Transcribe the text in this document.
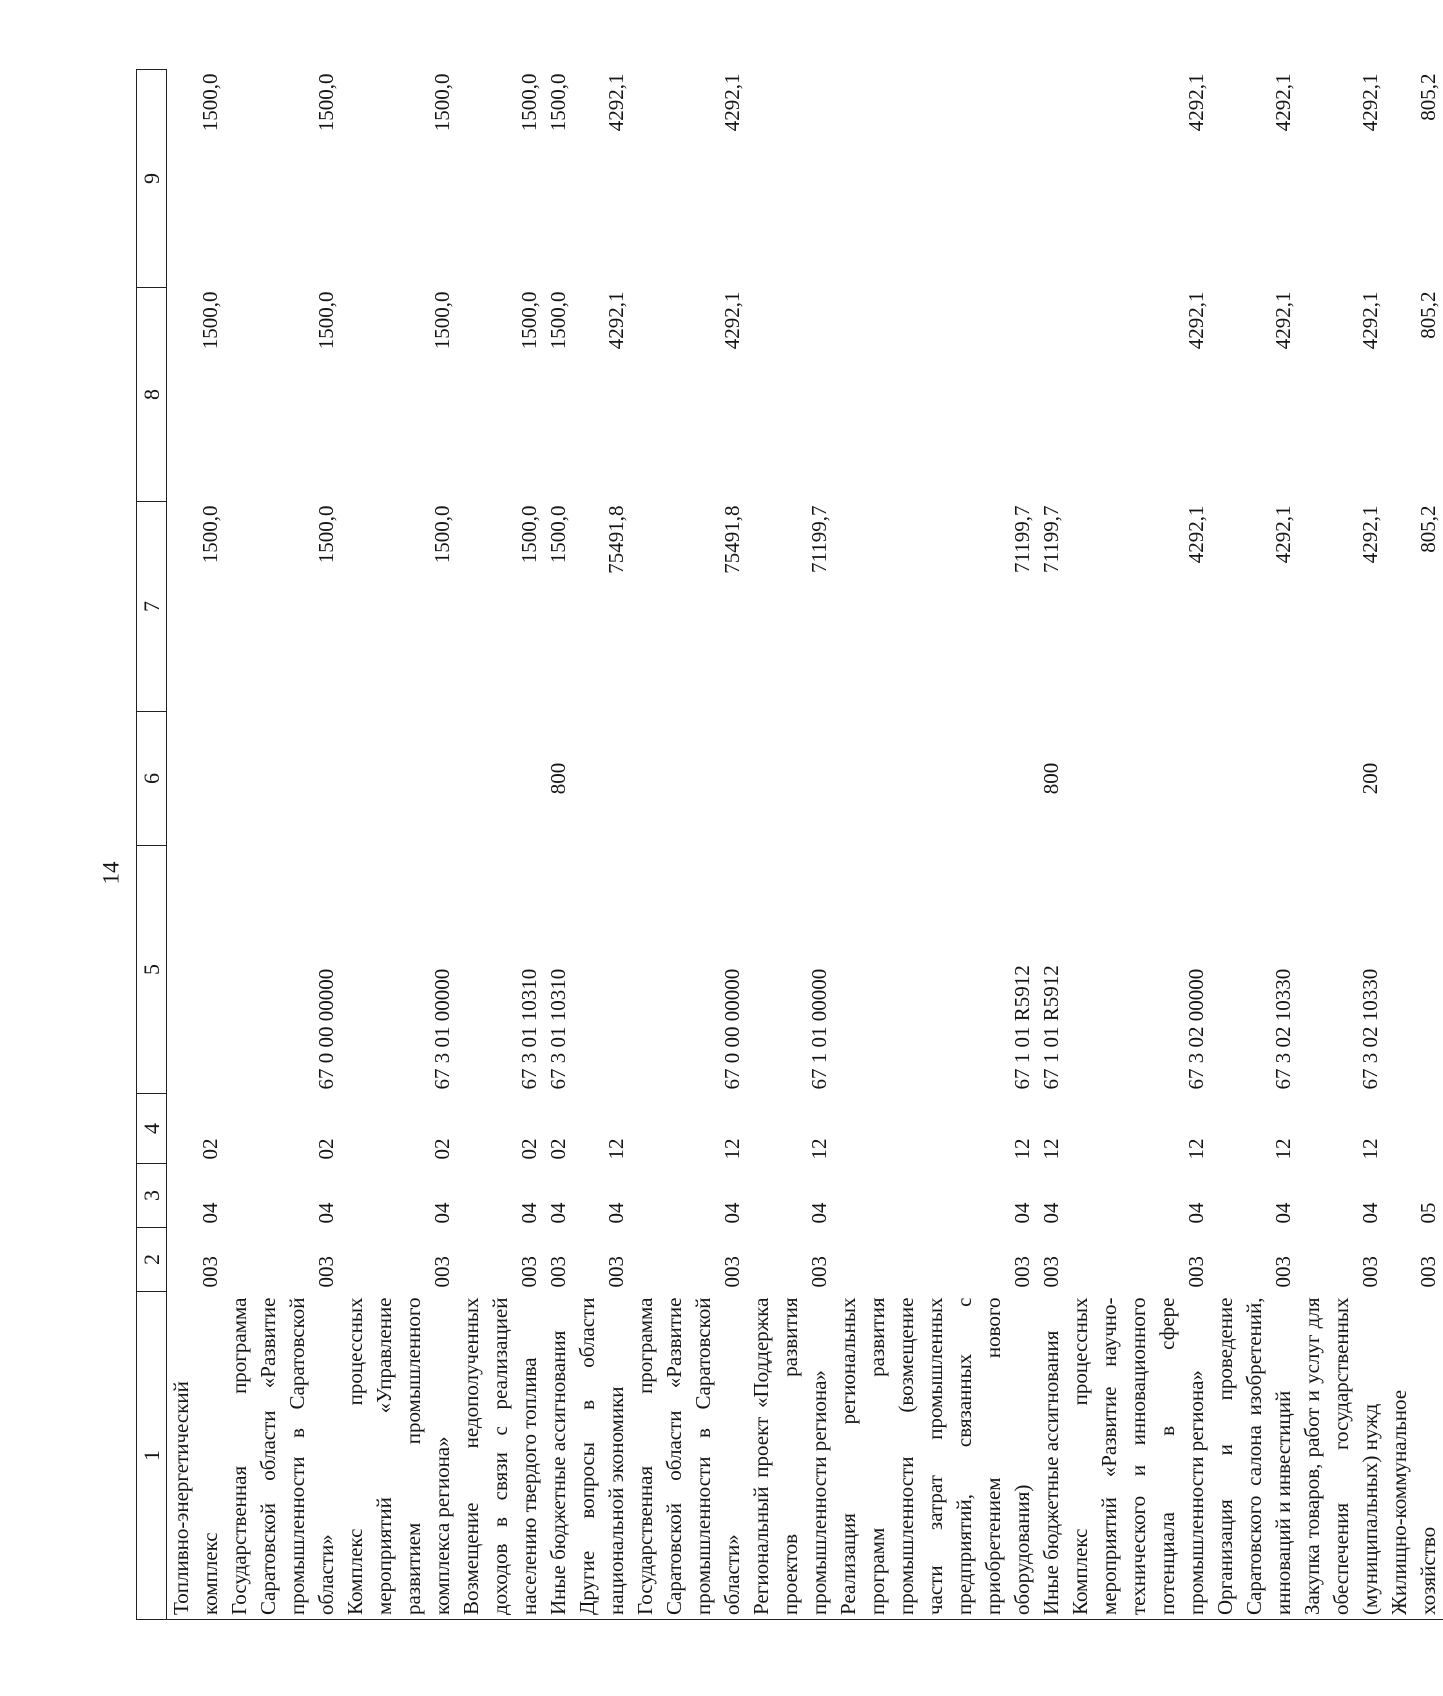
14
1	2	3	4	5	6	7	8	9
Топливно-энергетический комплекс	003	04	02			1500,0	1500,0	1500,0
Государственная программа Саратовской области «Развитие промышленности в Саратовской области»	003	04	02	67 0 00 00000		1500,0	1500,0	1500,0
Комплекс процессных мероприятий «Управление развитием промышленного комплекса региона»	003	04	02	67 3 01 00000		1500,0	1500,0	1500,0
Возмещение недополученных доходов в связи с реализацией населению твердого топлива	003	04	02	67 3 01 10310		1500,0	1500,0	1500,0
Иные бюджетные ассигнования	003	04	02	67 3 01 10310	800	1500,0	1500,0	1500,0
Другие вопросы в области национальной экономики	003	04	12			75491,8	4292,1	4292,1
Государственная программа Саратовской области «Развитие промышленности в Саратовской области»	003	04	12	67 0 00 00000		75491,8	4292,1	4292,1
Региональный проект «Поддержка проектов развития промышленности региона»	003	04	12	67 1 01 00000		71199,7		
Реализация региональных программ развития промышленности (возмещение части затрат промышленных предприятий, связанных с приобретением нового оборудования)	003	04	12	67 1 01 R5912		71199,7		
Иные бюджетные ассигнования	003	04	12	67 1 01 R5912	800	71199,7		
Комплекс процессных мероприятий «Развитие научно-технического и инновационного потенциала в сфере промышленности региона»	003	04	12	67 3 02 00000		4292,1	4292,1	4292,1
Организация и проведение Саратовского салона изобретений, инноваций и инвестиций	003	04	12	67 3 02 10330		4292,1	4292,1	4292,1
Закупка товаров, работ и услуг для обеспечения государственных (муниципальных) нужд	003	04	12	67 3 02 10330	200	4292,1	4292,1	4292,1
Жилищно-коммунальное хозяйство	003	05				805,2	805,2	805,2
